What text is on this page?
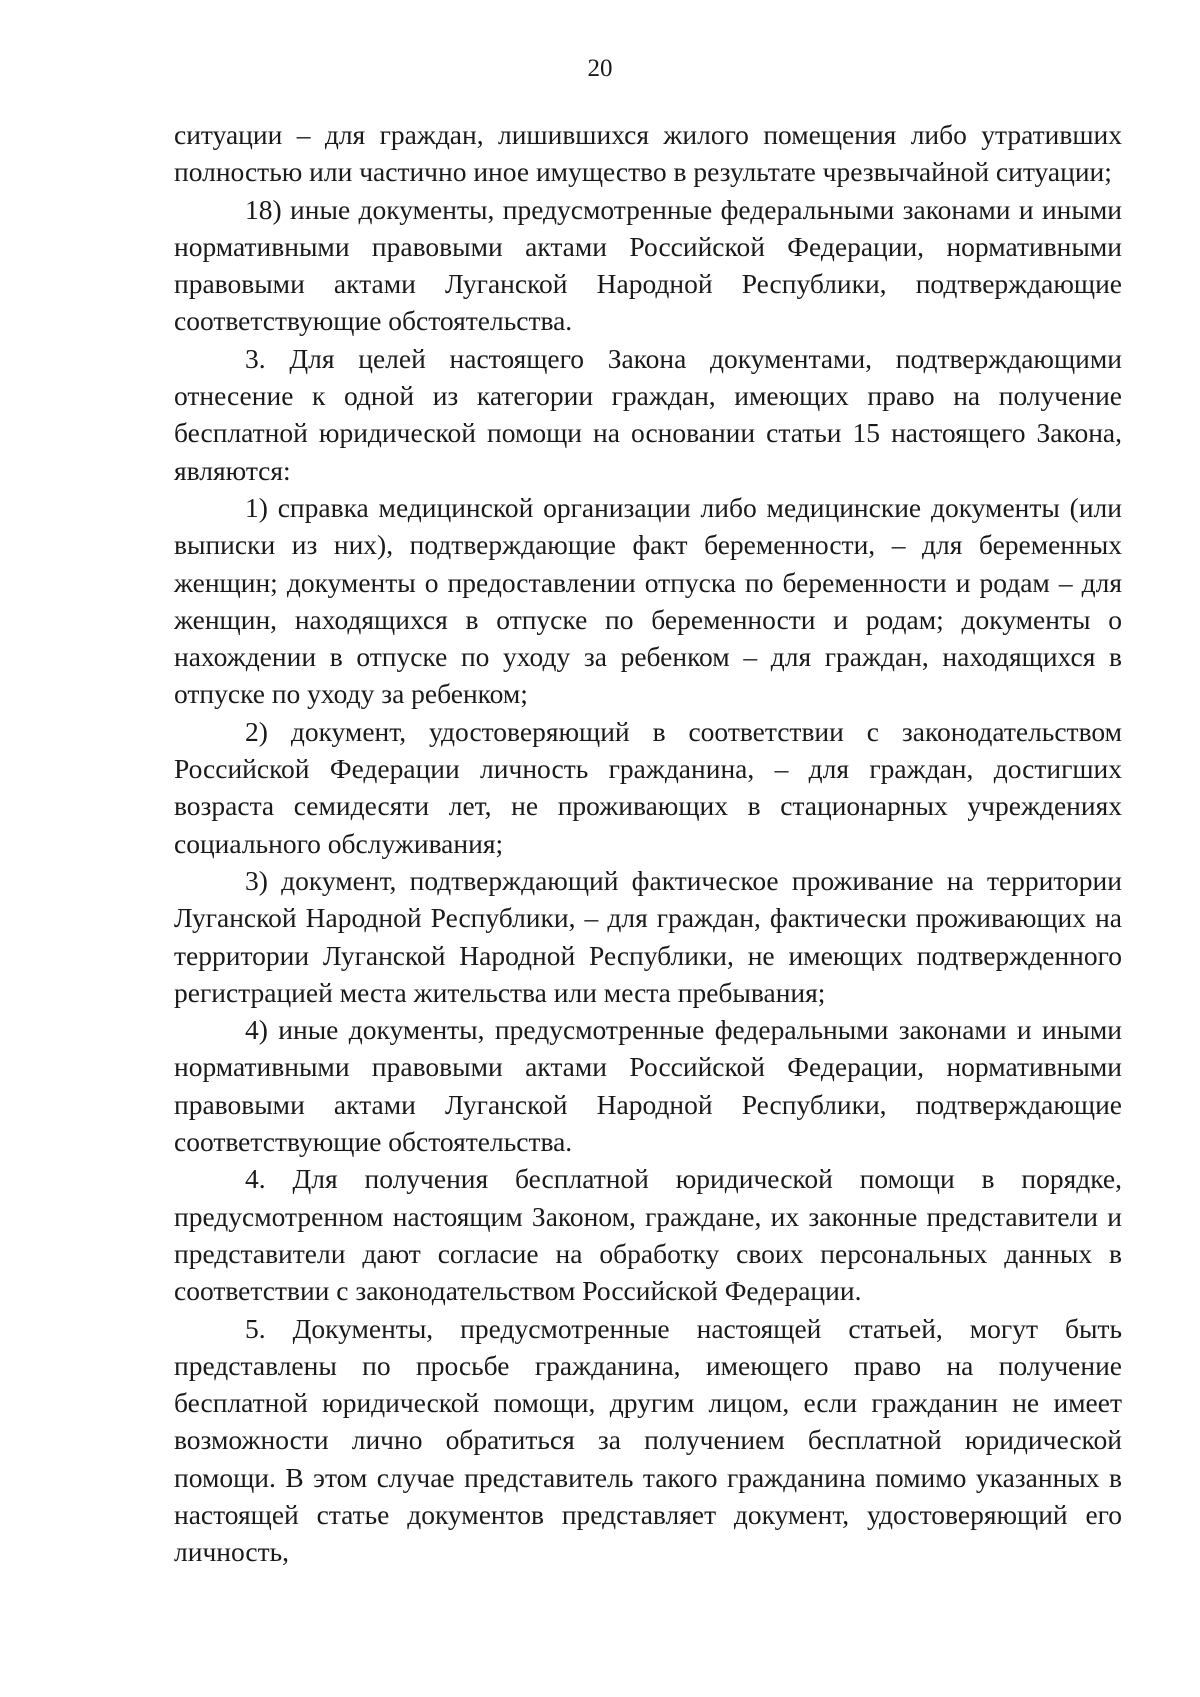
20

ситуации – для граждан, лишившихся жилого помещения либо утративших полностью или частично иное имущество в результате чрезвычайной ситуации;

18) иные документы, предусмотренные федеральными законами и иными нормативными правовыми актами Российской Федерации, нормативными правовыми актами Луганской Народной Республики, подтверждающие соответствующие обстоятельства.

3. Для целей настоящего Закона документами, подтверждающими отнесение к одной из категории граждан, имеющих право на получение бесплатной юридической помощи на основании статьи 15 настоящего Закона, являются:

1) справка медицинской организации либо медицинские документы (или выписки из них), подтверждающие факт беременности, – для беременных женщин; документы о предоставлении отпуска по беременности и родам – для женщин, находящихся в отпуске по беременности и родам; документы о нахождении в отпуске по уходу за ребенком – для граждан, находящихся в отпуске по уходу за ребенком;

2) документ, удостоверяющий в соответствии с законодательством Российской Федерации личность гражданина, – для граждан, достигших возраста семидесяти лет, не проживающих в стационарных учреждениях социального обслуживания;

3) документ, подтверждающий фактическое проживание на территории Луганской Народной Республики, – для граждан, фактически проживающих на территории Луганской Народной Республики, не имеющих подтвержденного регистрацией места жительства или места пребывания;

4) иные документы, предусмотренные федеральными законами и иными нормативными правовыми актами Российской Федерации, нормативными правовыми актами Луганской Народной Республики, подтверждающие соответствующие обстоятельства.

4. Для получения бесплатной юридической помощи в порядке, предусмотренном настоящим Законом, граждане, их законные представители и представители дают согласие на обработку своих персональных данных в соответствии с законодательством Российской Федерации.

5. Документы, предусмотренные настоящей статьей, могут быть представлены по просьбе гражданина, имеющего право на получение бесплатной юридической помощи, другим лицом, если гражданин не имеет возможности лично обратиться за получением бесплатной юридической помощи. В этом случае представитель такого гражданина помимо указанных в настоящей статье документов представляет документ, удостоверяющий его личность,
